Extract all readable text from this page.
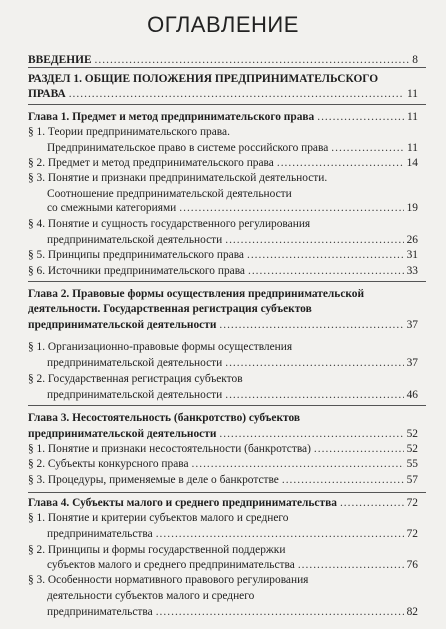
ОГЛАВЛЕНИЕ
ВВЕДЕНИЕ .....	8
РАЗДЕЛ 1. ОБЩИЕ ПОЛОЖЕНИЯ ПРЕДПРИНИМАТЕЛЬСКОГО
ПРАВА .....	11
Глава 1. Предмет и метод предпринимательского права .....	11
§ 1. Теории предпринимательского права.
Предпринимательское право в системе российского права .....	11
§ 2. Предмет и метод предпринимательского права .....	14
§ 3. Понятие и признаки предпринимательской деятельности.
Соотношение предпринимательской деятельности
со смежными категориями .....	19
§ 4. Понятие и сущность государственного регулирования
предпринимательской деятельности .....	26
§ 5. Принципы предпринимательского права .....	31
§ 6. Источники предпринимательского права .....	33
Глава 2. Правовые формы осуществления предпринимательской
деятельности. Государственная регистрация субъектов
предпринимательской деятельности .....	37
§ 1. Организационно-правовые формы осуществления
предпринимательской деятельности .....	37
§ 2. Государственная регистрация субъектов
предпринимательской деятельности .....	46
Глава 3. Несостоятельность (банкротство) субъектов
предпринимательской деятельности .....	52
§ 1. Понятие и признаки несостоятельности (банкротства) .....	52
§ 2. Субъекты конкурсного права .....	55
§ 3. Процедуры, применяемые в деле о банкротстве .....	57
Глава 4. Субъекты малого и среднего предпринимательства .....	72
§ 1. Понятие и критерии субъектов малого и среднего
предпринимательства .....	72
§ 2. Принципы и формы государственной поддержки
субъектов малого и среднего предпринимательства .....	76
§ 3. Особенности нормативного правового регулирования
деятельности субъектов малого и среднего
предпринимательства .....	82
